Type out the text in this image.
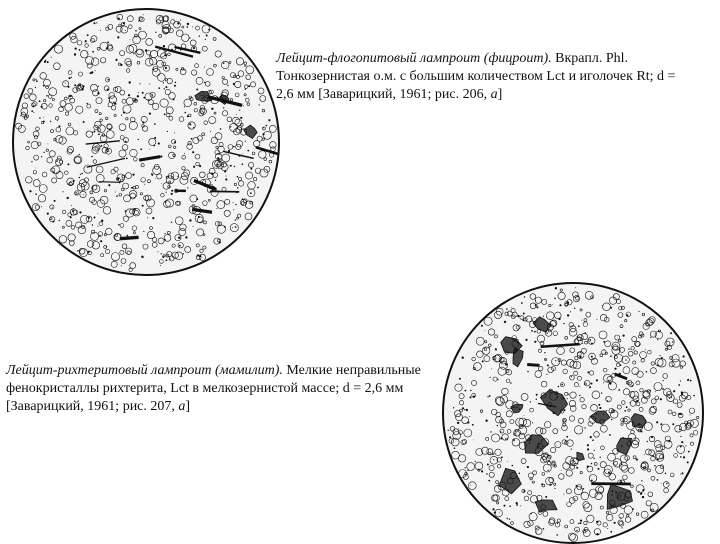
Лейцит-флогопитовый лампроит (фицроит). Вкрапл. Phl. Тонкозернистая о.м. с большим количеством Lct и иголочек Rt; d = 2,6 мм [Заварицкий, 1961; рис. 206, а]

Лейцит-рихтеритовый лампроит (мамилит). Мелкие неправильные фенокристаллы рихтерита, Lct в мелкозернистой массе; d = 2,6 мм [Заварицкий, 1961; рис. 207, а]
